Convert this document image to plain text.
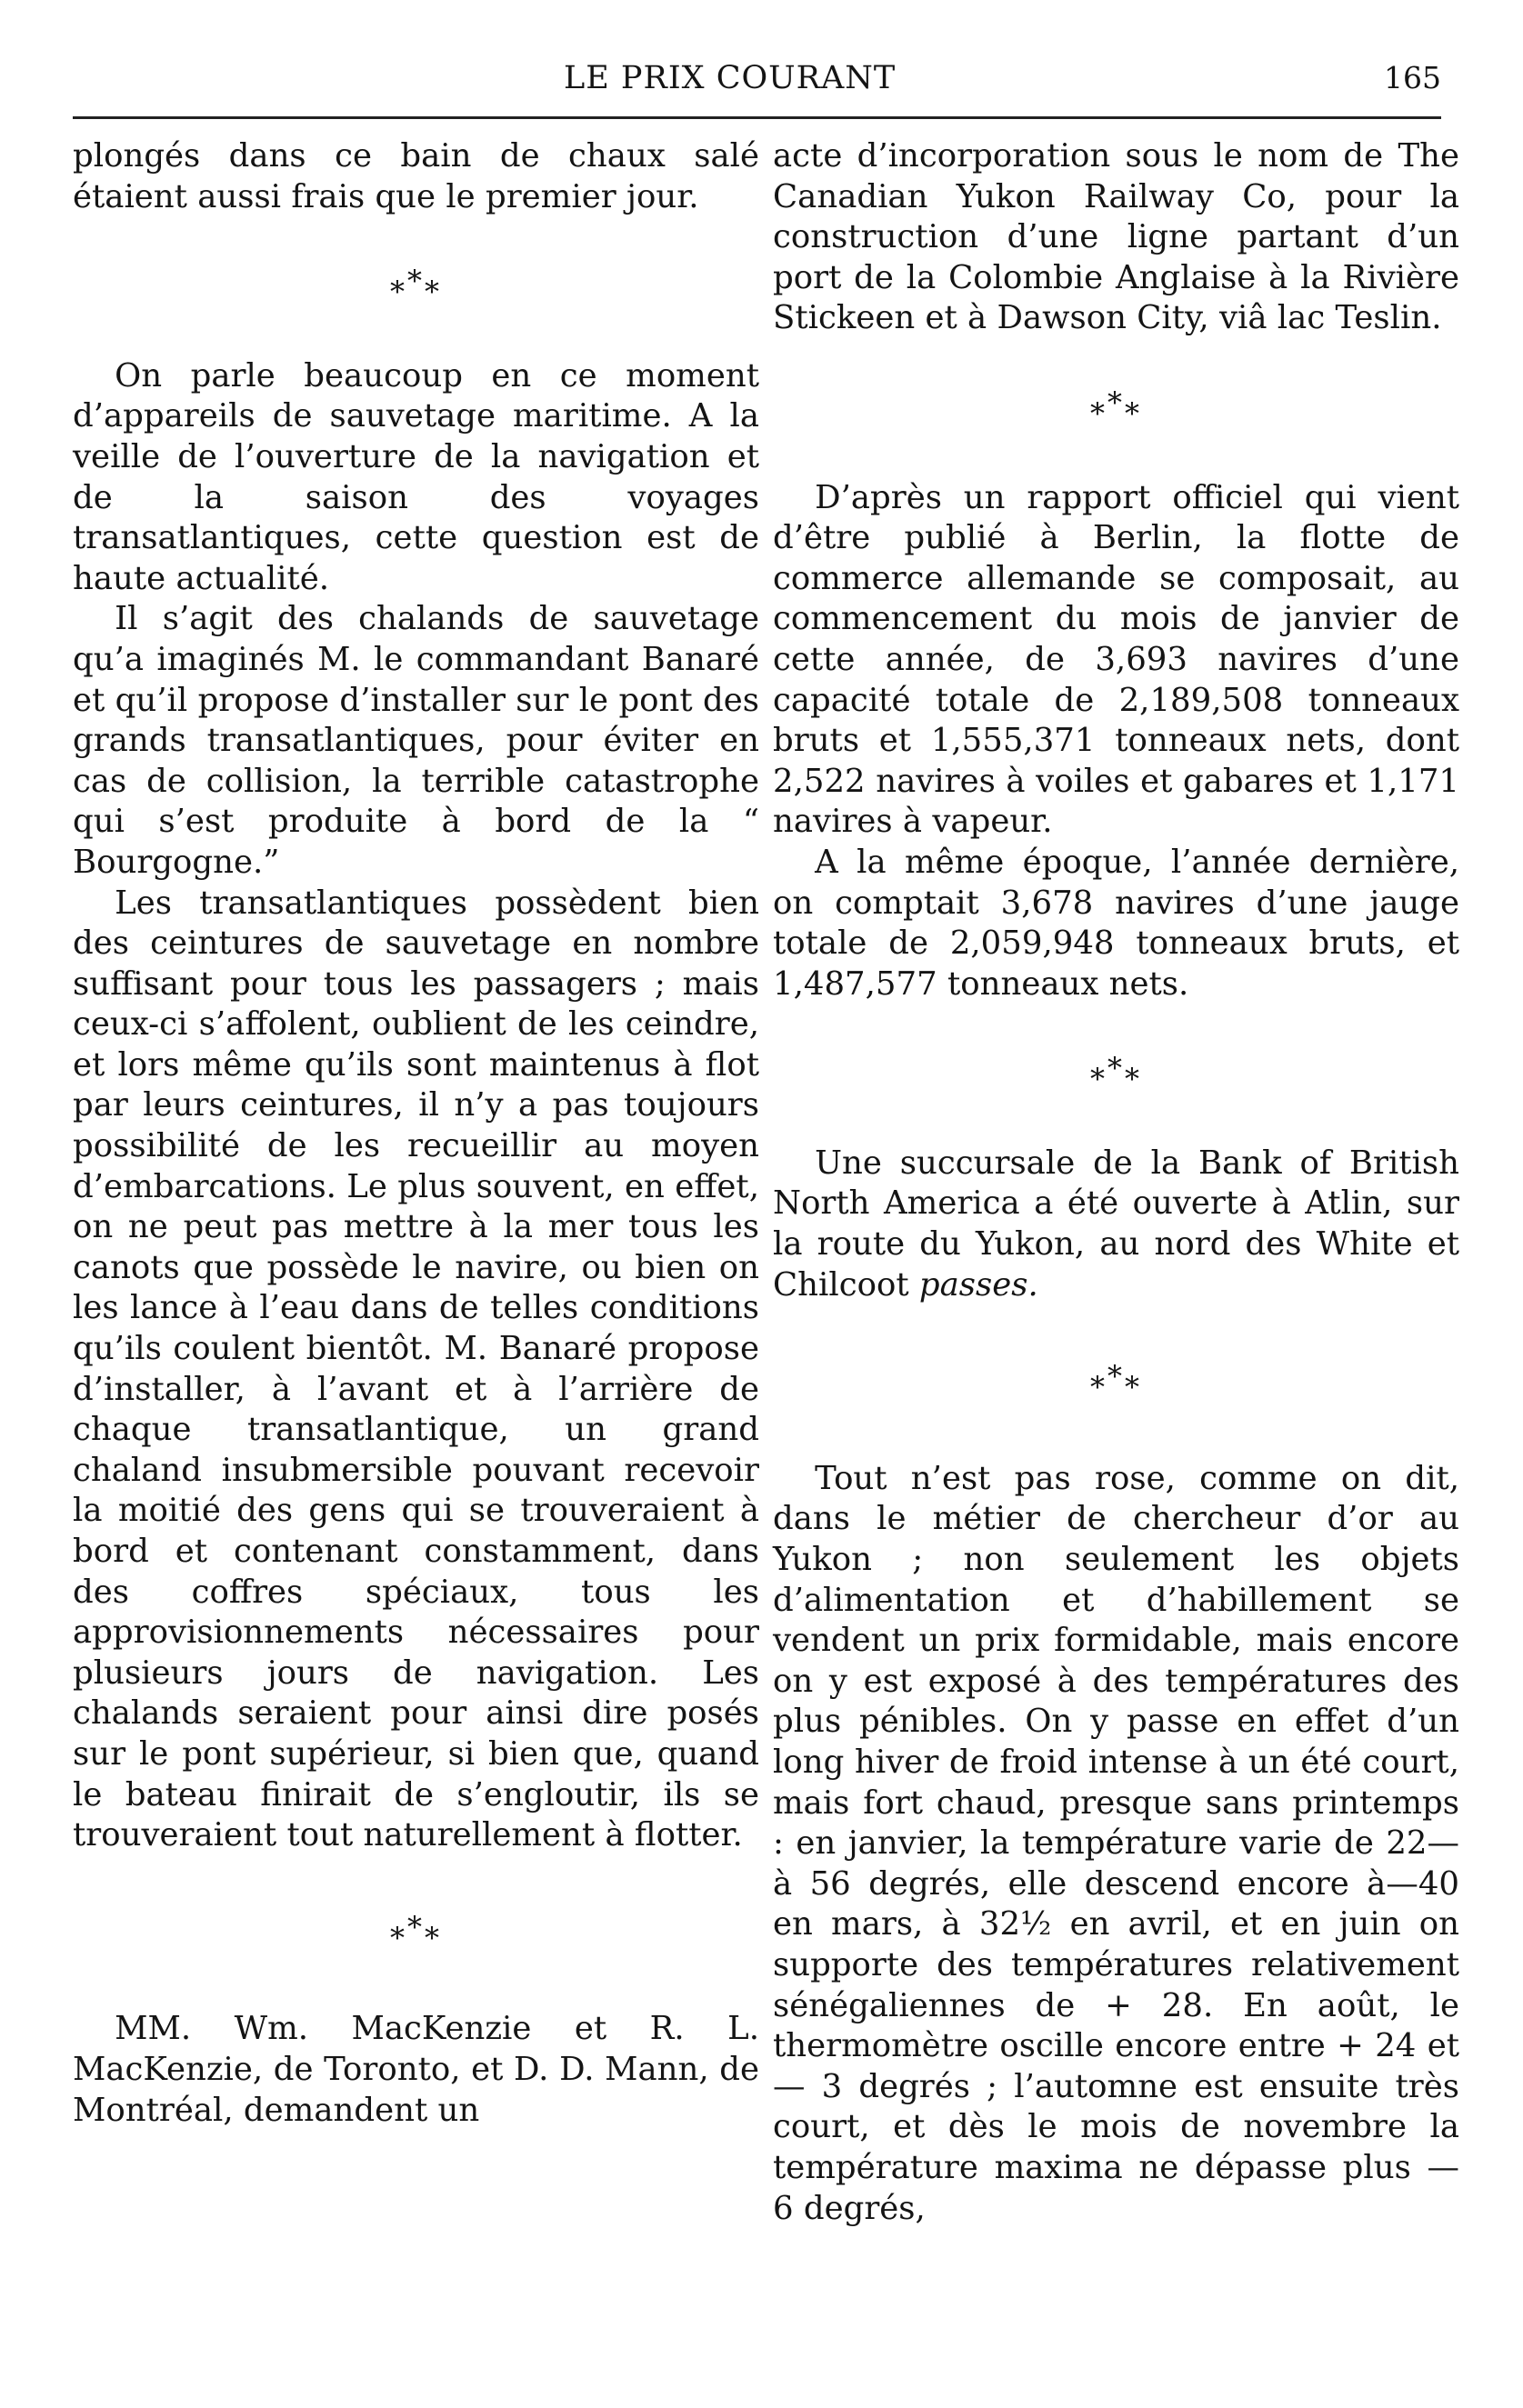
LE PRIX COURANT	165

plongés dans ce bain de chaux salé étaient aussi frais que le premier jour.

***

On parle beaucoup en ce moment d’appareils de sauvetage maritime. A la veille de l’ouverture de la navigation et de la saison des voyages transatlantiques, cette question est de haute actualité.

Il s’agit des chalands de sauvetage qu’a imaginés M. le commandant Banaré et qu’il propose d’installer sur le pont des grands transatlantiques, pour éviter en cas de collision, la terrible catastrophe qui s’est produite à bord de la “ Bourgogne.”

Les transatlantiques possèdent bien des ceintures de sauvetage en nombre suffisant pour tous les passagers ; mais ceux-ci s’affolent, oublient de les ceindre, et lors même qu’ils sont maintenus à flot par leurs ceintures, il n’y a pas toujours possibilité de les recueillir au moyen d’embarcations. Le plus souvent, en effet, on ne peut pas mettre à la mer tous les canots que possède le navire, ou bien on les lance à l’eau dans de telles conditions qu’ils coulent bientôt. M. Banaré propose d’installer, à l’avant et à l’arrière de chaque transatlantique, un grand chaland insubmersible pouvant recevoir la moitié des gens qui se trouveraient à bord et contenant constamment, dans des coffres spéciaux, tous les approvisionnements nécessaires pour plusieurs jours de navigation. Les chalands seraient pour ainsi dire posés sur le pont supérieur, si bien que, quand le bateau finirait de s’engloutir, ils se trouveraient tout naturellement à flotter.

***

MM. Wm. MacKenzie et R. L. MacKenzie, de Toronto, et D. D. Mann, de Montréal, demandent un

acte d’incorporation sous le nom de The Canadian Yukon Railway Co, pour la construction d’une ligne partant d’un port de la Colombie Anglaise à la Rivière Stickeen et à Dawson City, viâ lac Teslin.

***

D’après un rapport officiel qui vient d’être publié à Berlin, la flotte de commerce allemande se composait, au commencement du mois de janvier de cette année, de 3,693 navires d’une capacité totale de 2,189,508 tonneaux bruts et 1,555,371 tonneaux nets, dont 2,522 navires à voiles et gabares et 1,171 navires à vapeur.

A la même époque, l’année dernière, on comptait 3,678 navires d’une jauge totale de 2,059,948 tonneaux bruts, et 1,487,577 tonneaux nets.

***

Une succursale de la Bank of British North America a été ouverte à Atlin, sur la route du Yukon, au nord des White et Chilcoot passes.

***

Tout n’est pas rose, comme on dit, dans le métier de chercheur d’or au Yukon ; non seulement les objets d’alimentation et d’habillement se vendent un prix formidable, mais encore on y est exposé à des températures des plus pénibles. On y passe en effet d’un long hiver de froid intense à un été court, mais fort chaud, presque sans printemps : en janvier, la température varie de 22—à 56 degrés, elle descend encore à—40 en mars, à 32½ en avril, et en juin on supporte des températures relativement sénégaliennes de + 28. En août, le thermomètre oscille encore entre + 24 et — 3 degrés ; l’automne est ensuite très court, et dès le mois de novembre la température maxima ne dépasse plus — 6 degrés,
